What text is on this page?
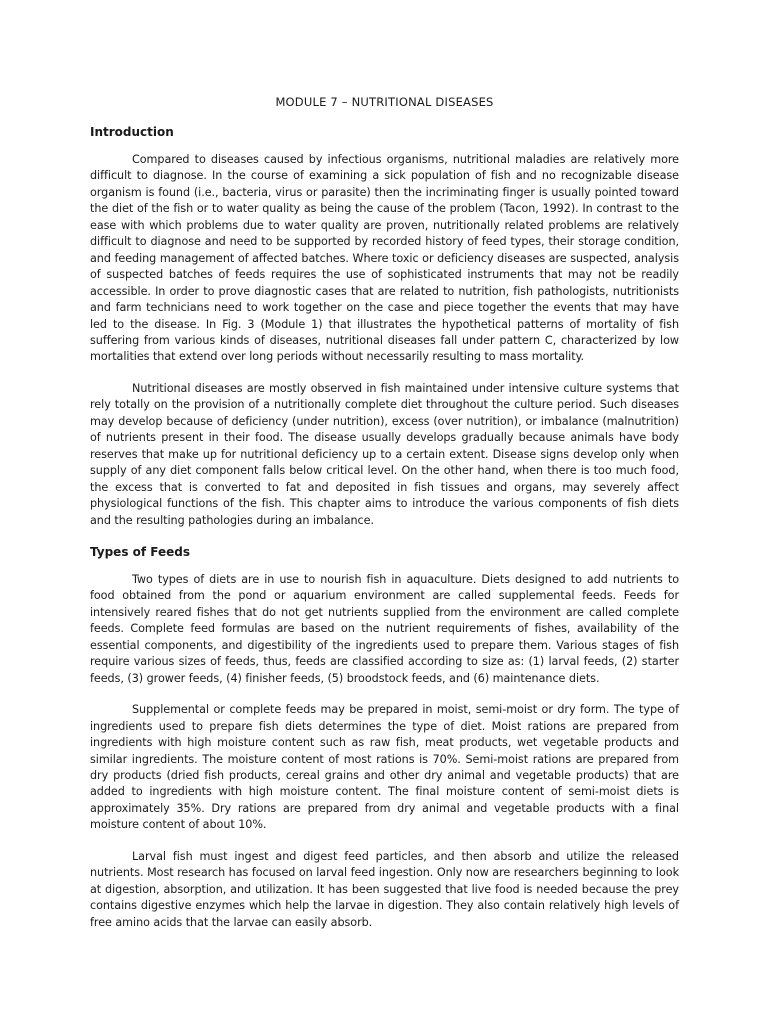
MODULE 7 – NUTRITIONAL DISEASES
Introduction

Compared to diseases caused by infectious organisms, nutritional maladies are relatively more difficult to diagnose. In the course of examining a sick population of fish and no recognizable disease organism is found (i.e., bacteria, virus or parasite) then the incriminating finger is usually pointed toward the diet of the fish or to water quality as being the cause of the problem (Tacon, 1992). In contrast to the ease with which problems due to water quality are proven, nutritionally related problems are relatively difficult to diagnose and need to be supported by recorded history of feed types, their storage condition, and feeding management of affected batches. Where toxic or deficiency diseases are suspected, analysis of suspected batches of feeds requires the use of sophisticated instruments that may not be readily accessible. In order to prove diagnostic cases that are related to nutrition, fish pathologists, nutritionists and farm technicians need to work together on the case and piece together the events that may have led to the disease. In Fig. 3 (Module 1) that illustrates the hypothetical patterns of mortality of fish suffering from various kinds of diseases, nutritional diseases fall under pattern C, characterized by low mortalities that extend over long periods without necessarily resulting to mass mortality.

Nutritional diseases are mostly observed in fish maintained under intensive culture systems that rely totally on the provision of a nutritionally complete diet throughout the culture period. Such diseases may develop because of deficiency (under nutrition), excess (over nutrition), or imbalance (malnutrition) of nutrients present in their food. The disease usually develops gradually because animals have body reserves that make up for nutritional deficiency up to a certain extent. Disease signs develop only when supply of any diet component falls below critical level. On the other hand, when there is too much food, the excess that is converted to fat and deposited in fish tissues and organs, may severely affect physiological functions of the fish. This chapter aims to introduce the various components of fish diets and the resulting pathologies during an imbalance.

Types of Feeds

Two types of diets are in use to nourish fish in aquaculture. Diets designed to add nutrients to food obtained from the pond or aquarium environment are called supplemental feeds. Feeds for intensively reared fishes that do not get nutrients supplied from the environment are called complete feeds. Complete feed formulas are based on the nutrient requirements of fishes, availability of the essential components, and digestibility of the ingredients used to prepare them. Various stages of fish require various sizes of feeds, thus, feeds are classified according to size as: (1) larval feeds, (2) starter feeds, (3) grower feeds, (4) finisher feeds, (5) broodstock feeds, and (6) maintenance diets.

Supplemental or complete feeds may be prepared in moist, semi-moist or dry form. The type of ingredients used to prepare fish diets determines the type of diet. Moist rations are prepared from ingredients with high moisture content such as raw fish, meat products, wet vegetable products and similar ingredients. The moisture content of most rations is 70%. Semi-moist rations are prepared from dry products (dried fish products, cereal grains and other dry animal and vegetable products) that are added to ingredients with high moisture content. The final moisture content of semi-moist diets is approximately 35%. Dry rations are prepared from dry animal and vegetable products with a final moisture content of about 10%.

Larval fish must ingest and digest feed particles, and then absorb and utilize the released nutrients. Most research has focused on larval feed ingestion. Only now are researchers beginning to look at digestion, absorption, and utilization. It has been suggested that live food is needed because the prey contains digestive enzymes which help the larvae in digestion. They also contain relatively high levels of free amino acids that the larvae can easily absorb.
